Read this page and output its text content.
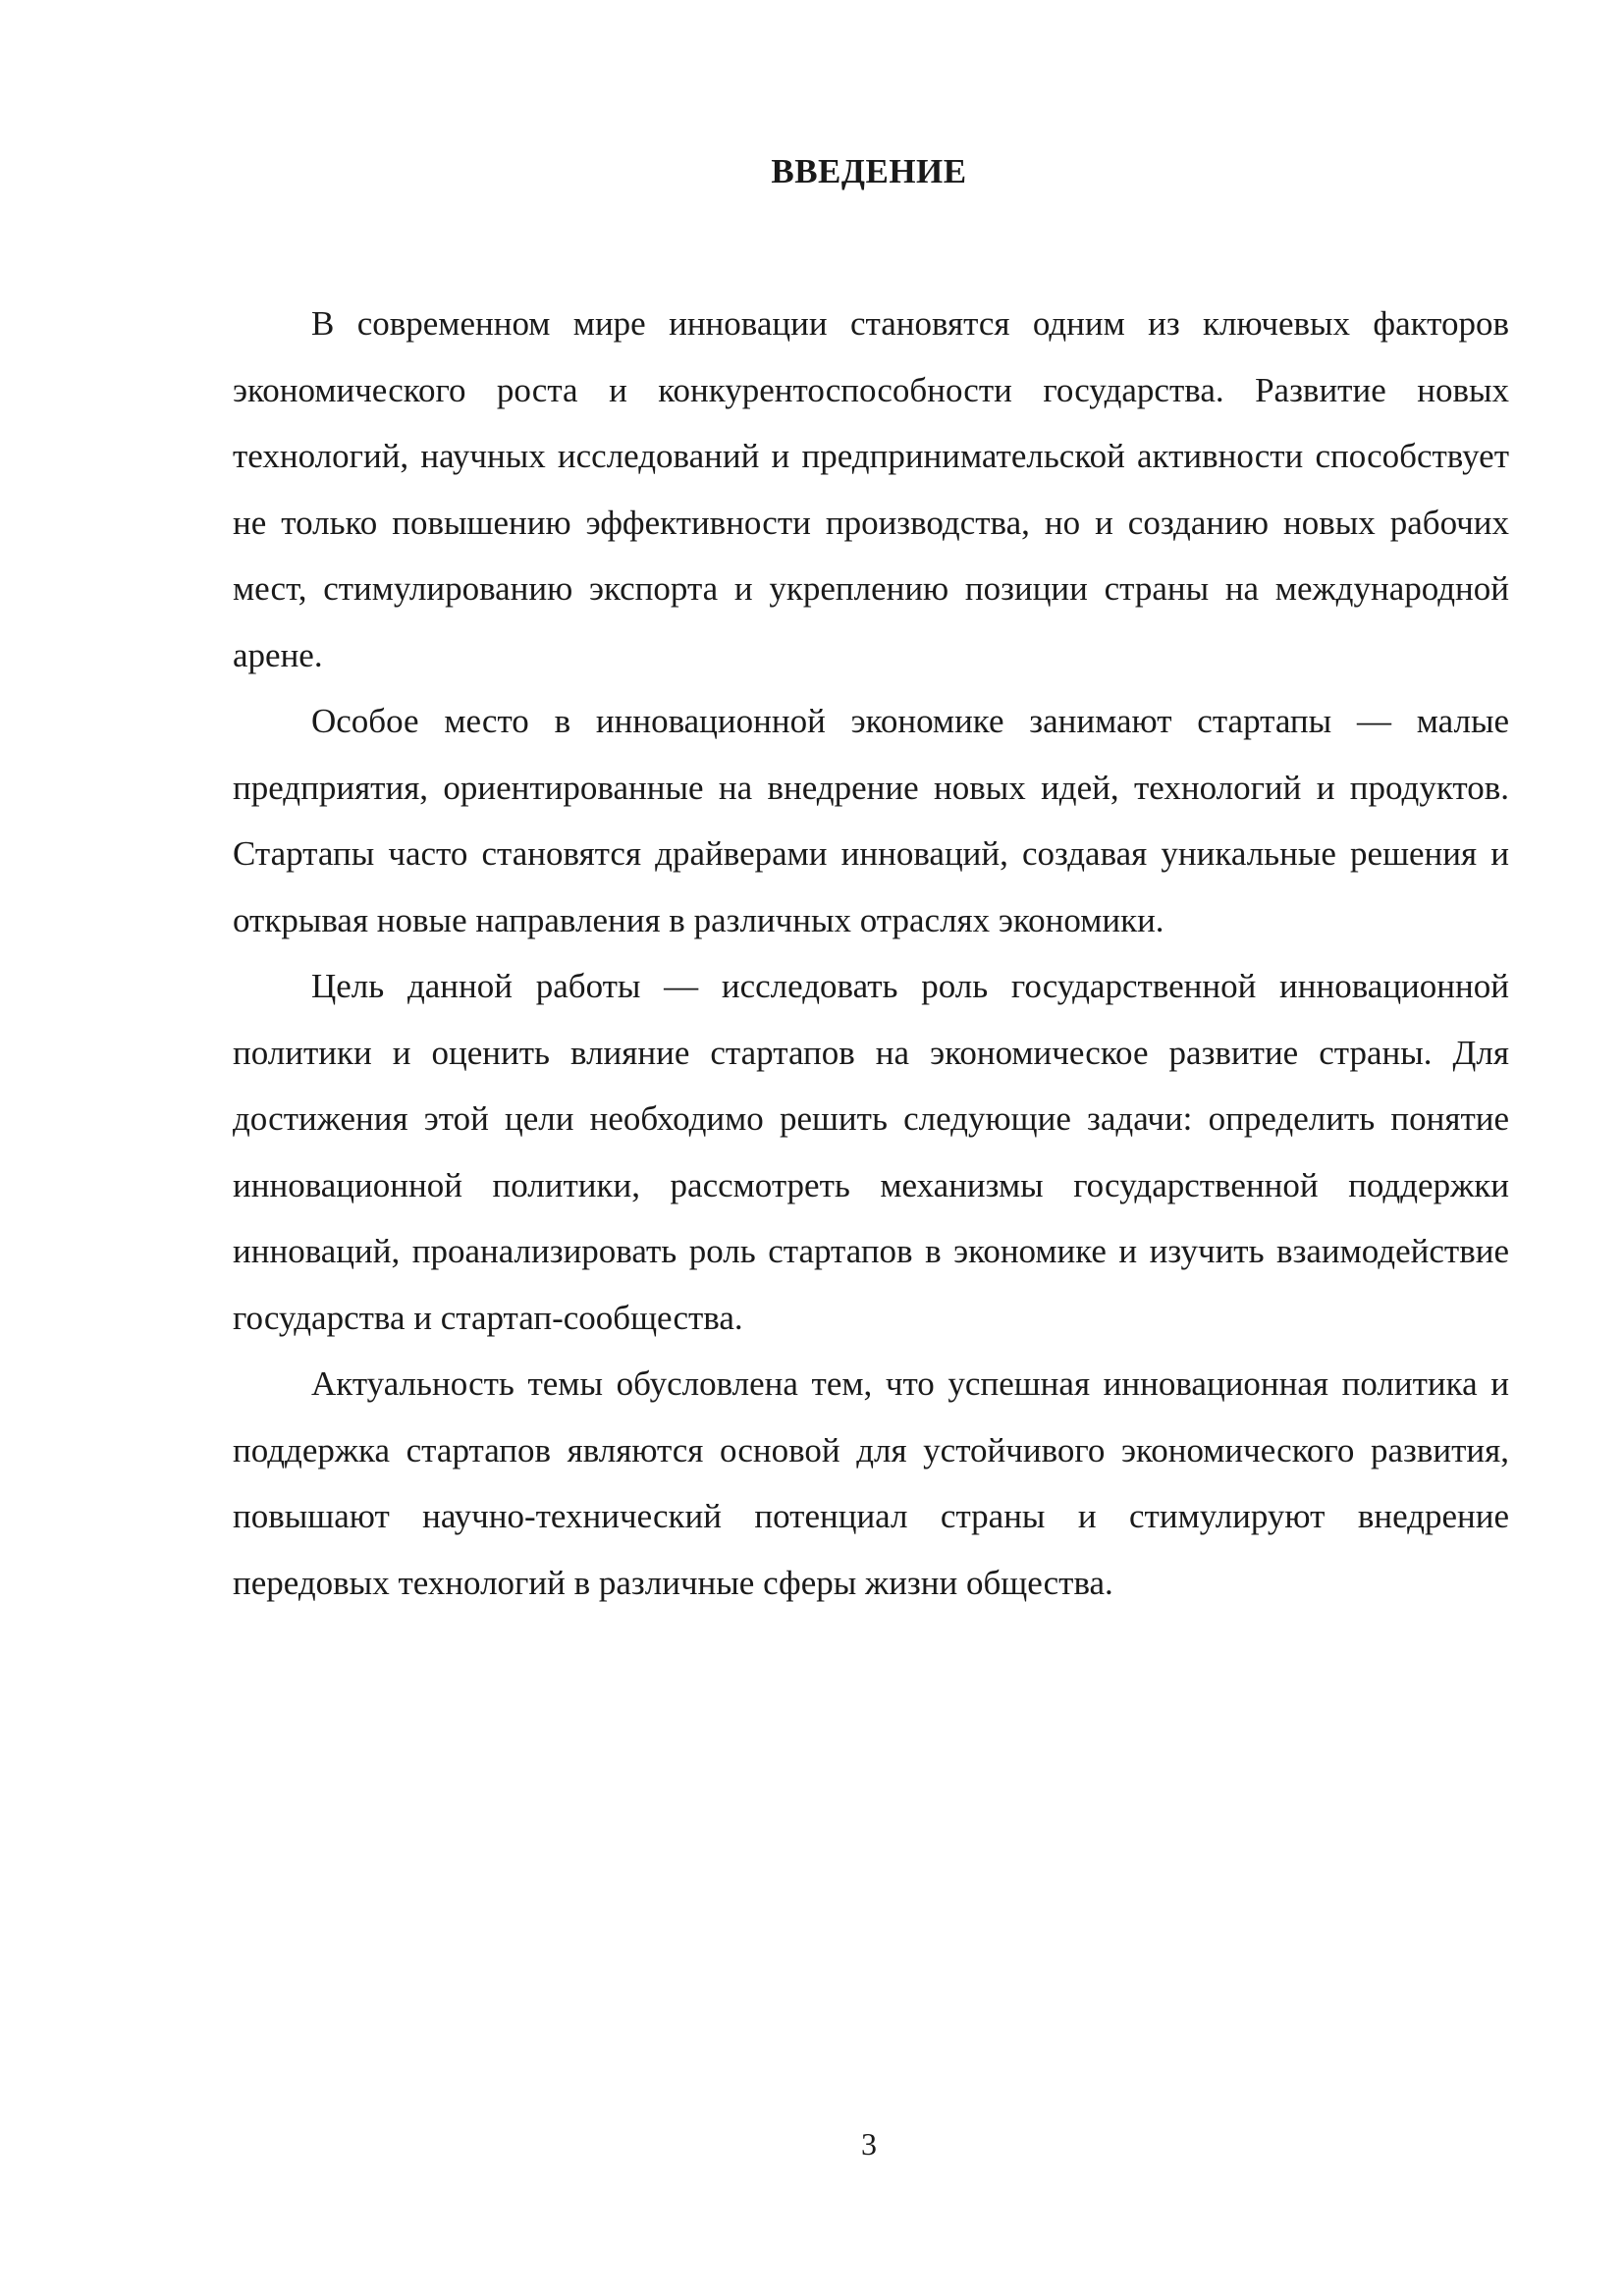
ВВЕДЕНИЕ

В современном мире инновации становятся одним из ключевых факторов экономического роста и конкурентоспособности государства. Развитие новых технологий, научных исследований и предпринимательской активности способствует не только повышению эффективности производства, но и созданию новых рабочих мест, стимулированию экспорта и укреплению позиции страны на международной арене.

Особое место в инновационной экономике занимают стартапы — малые предприятия, ориентированные на внедрение новых идей, технологий и продуктов. Стартапы часто становятся драйверами инноваций, создавая уникальные решения и открывая новые направления в различных отраслях экономики.

Цель данной работы — исследовать роль государственной инновационной политики и оценить влияние стартапов на экономическое развитие страны. Для достижения этой цели необходимо решить следующие задачи: определить понятие инновационной политики, рассмотреть механизмы государственной поддержки инноваций, проанализировать роль стартапов в экономике и изучить взаимодействие государства и стартап-сообщества.

Актуальность темы обусловлена тем, что успешная инновационная политика и поддержка стартапов являются основой для устойчивого экономического развития, повышают научно-технический потенциал страны и стимулируют внедрение передовых технологий в различные сферы жизни общества.

3
